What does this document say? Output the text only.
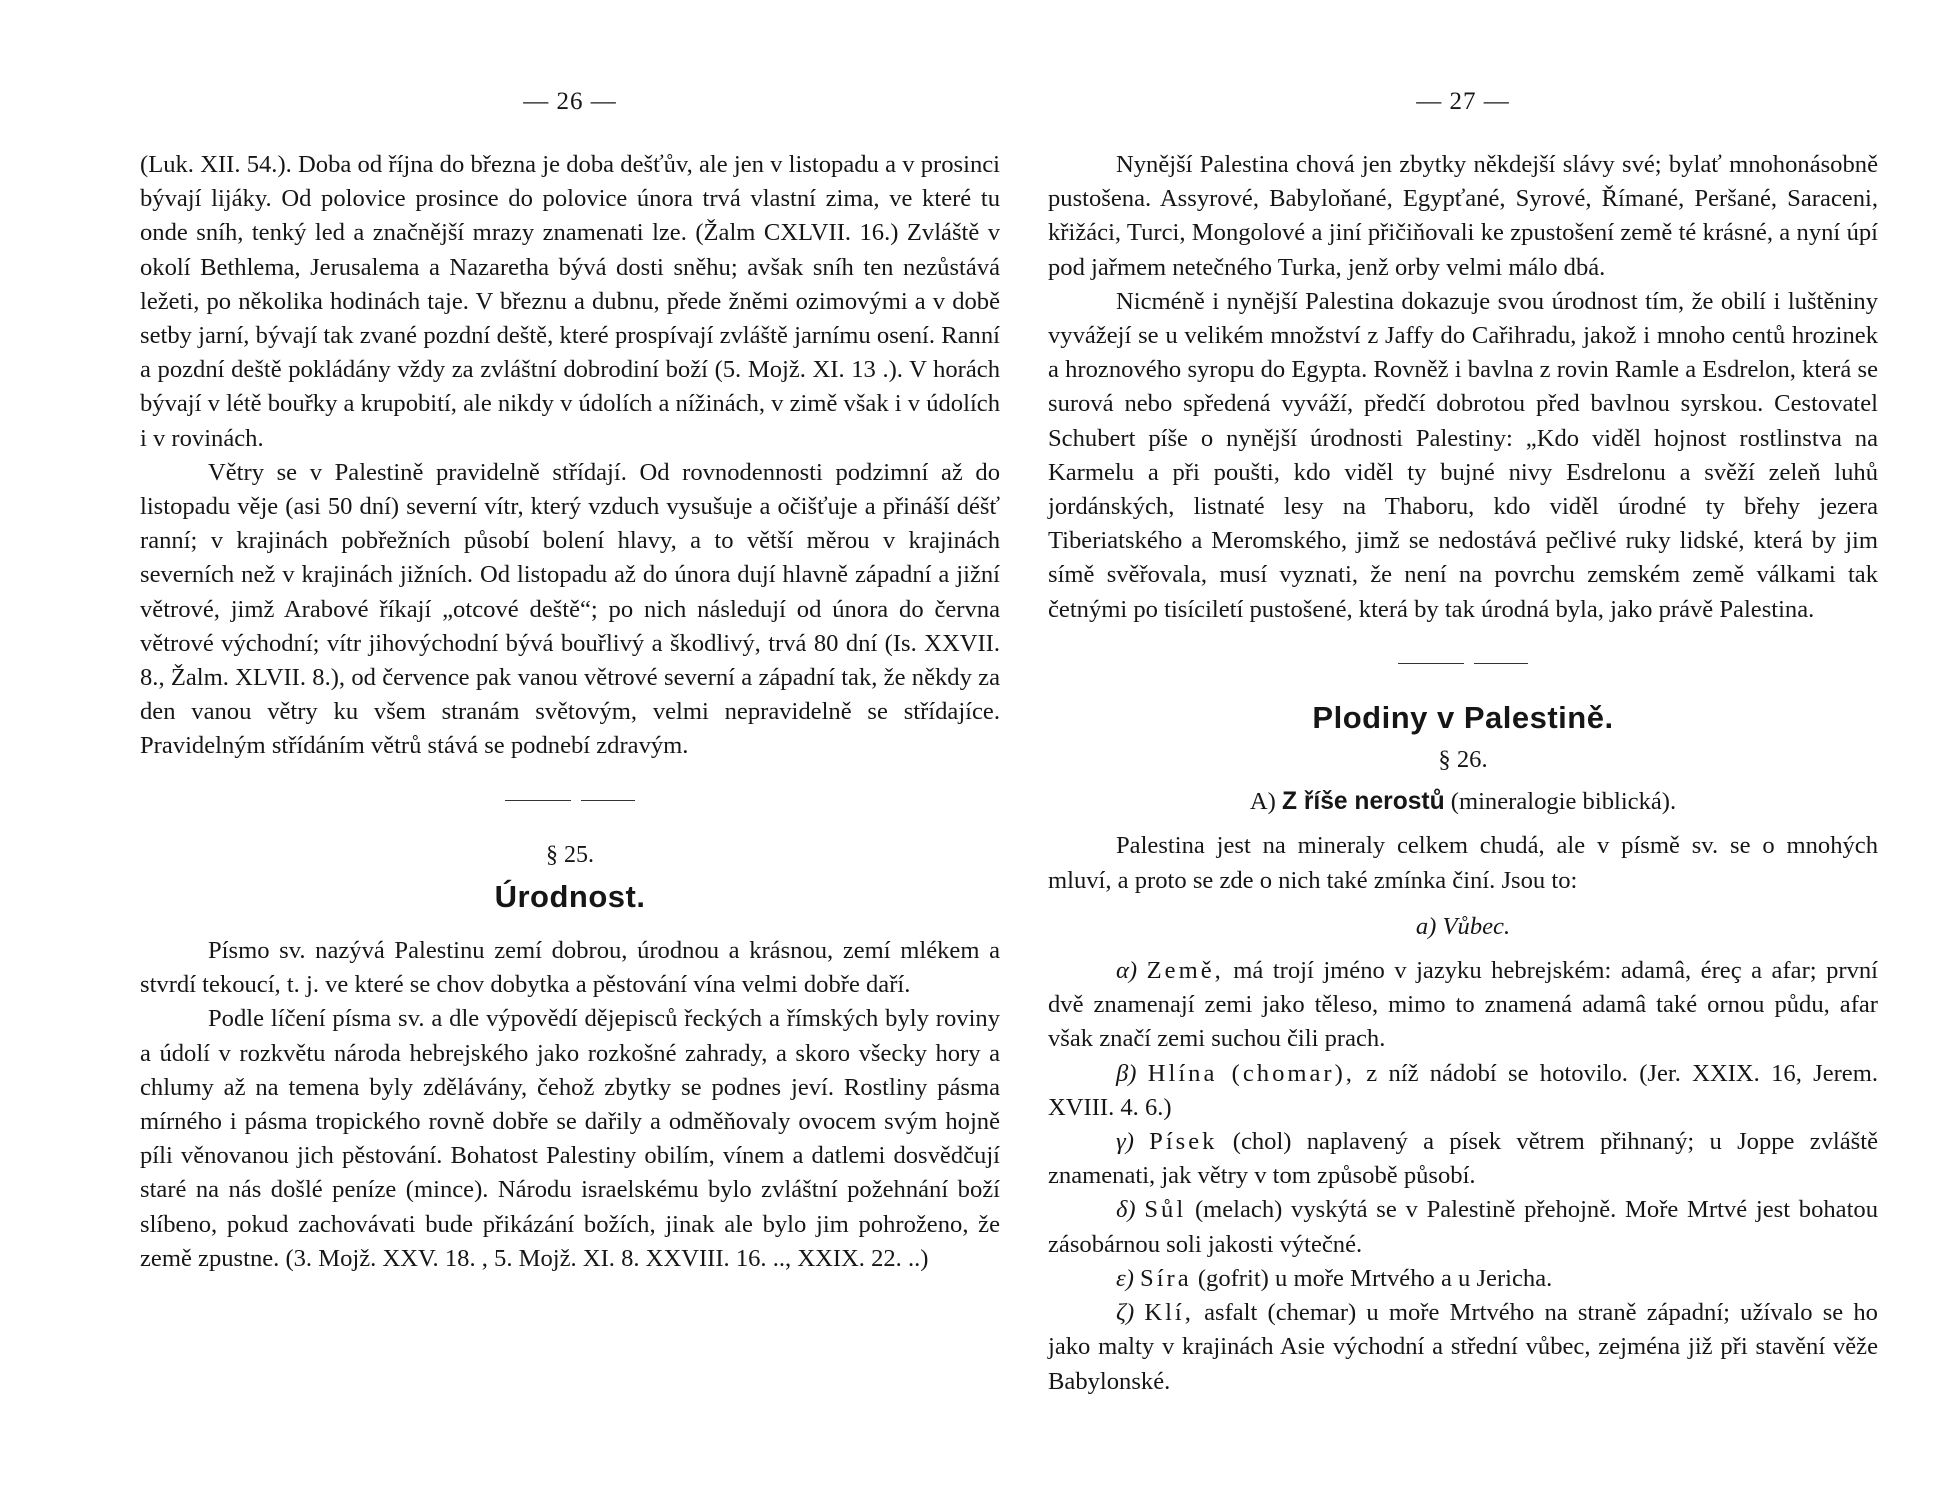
— 26 —

(Luk. XII. 54.). Doba od října do března je doba dešťův, ale jen v listopadu a v prosinci bývají lijáky. Od polovice prosince do polovice února trvá vlastní zima, ve které tu onde sníh, tenký led a značnější mrazy znamenati lze. (Žalm CXLVII. 16.) Zvláště v okolí Bethlema, Jerusalema a Nazaretha bývá dosti sněhu; avšak sníh ten nezůstává ležeti, po několika hodinách taje. V březnu a dubnu, přede žněmi ozimovými a v době setby jarní, bývají tak zvané pozdní deště, které prospívají zvláště jarnímu osení. Ranní a pozdní deště pokládány vždy za zvláštní dobrodiní boží (5. Mojž. XI. 13 .). V horách bývají v létě bouřky a krupobití, ale nikdy v údolích a nížinách, v zimě však i v údolích i v rovinách.

Větry se v Palestině pravidelně střídají. Od rovnodennosti podzimní až do listopadu věje (asi 50 dní) severní vítr, který vzduch vysušuje a očišťuje a přináší déšť ranní; v krajinách pobřežních působí bolení hlavy, a to větší měrou v krajinách severních než v krajinách jižních. Od listopadu až do února dují hlavně západní a jižní větrové, jimž Arabové říkají „otcové deště“; po nich následují od února do června větrové východní; vítr jihovýchodní bývá bouřlivý a škodlivý, trvá 80 dní (Is. XXVII. 8., Žalm. XLVII. 8.), od července pak vanou větrové severní a západní tak, že někdy za den vanou větry ku všem stranám světovým, velmi nepravidelně se střídajíce. Pravidelným střídáním větrů stává se podnebí zdravým.

§ 25.
Úrodnost.

Písmo sv. nazývá Palestinu zemí dobrou, úrodnou a krásnou, zemí mlékem a stvrdí tekoucí, t. j. ve které se chov dobytka a pěstování vína velmi dobře daří.

Podle líčení písma sv. a dle výpovědí dějepisců řeckých a římských byly roviny a údolí v rozkvětu národa hebrejského jako rozkošné zahrady, a skoro všecky hory a chlumy až na temena byly zdělávány, čehož zbytky se podnes jeví. Rostliny pásma mírného i pásma tropického rovně dobře se dařily a odměňovaly ovocem svým hojně píli věnovanou jich pěstování. Bohatost Palestiny obilím, vínem a datlemi dosvědčují staré na nás došlé peníze (mince). Národu israelskému bylo zvláštní požehnání boží slíbeno, pokud zachovávati bude přikázání božích, jinak ale bylo jim pohroženo, že země zpustne. (3. Mojž. XXV. 18. , 5. Mojž. XI. 8. XXVIII. 16. .., XXIX. 22. ..)

— 27 —

Nynější Palestina chová jen zbytky někdejší slávy své; bylať mnohonásobně pustošena. Assyrové, Babyloňané, Egypťané, Syrové, Římané, Peršané, Saraceni, křižáci, Turci, Mongolové a jiní přičiňovali ke zpustošení země té krásné, a nyní úpí pod jařmem netečného Turka, jenž orby velmi málo dbá.

Nicméně i nynější Palestina dokazuje svou úrodnost tím, že obilí i luštěniny vyvážejí se u velikém množství z Jaffy do Cařihradu, jakož i mnoho centů hrozinek a hroznového syropu do Egypta. Rovněž i bavlna z rovin Ramle a Esdrelon, která se surová nebo spředená vyváží, předčí dobrotou před bavlnou syrskou. Cestovatel Schubert píše o nynější úrodnosti Palestiny: „Kdo viděl hojnost rostlinstva na Karmelu a při poušti, kdo viděl ty bujné nivy Esdrelonu a svěží zeleň luhů jordánských, listnaté lesy na Thaboru, kdo viděl úrodné ty břehy jezera Tiberiatského a Meromského, jimž se nedostává pečlivé ruky lidské, která by jim símě svěřovala, musí vyznati, že není na povrchu zemském země válkami tak četnými po tisíciletí pustošené, která by tak úrodná byla, jako právě Palestina.

Plodiny v Palestině.
§ 26.
A) Z říše nerostů (mineralogie biblická).

Palestina jest na mineraly celkem chudá, ale v písmě sv. se o mnohých mluví, a proto se zde o nich také zmínka činí. Jsou to:

a) Vůbec.

α) Země, má trojí jméno v jazyku hebrejském: adamâ, éreç a afar; první dvě znamenají zemi jako těleso, mimo to znamená adamâ také ornou půdu, afar však značí zemi suchou čili prach.

β) Hlína (chomar), z níž nádobí se hotovilo. (Jer. XXIX. 16, Jerem. XVIII. 4. 6.)

γ) Písek (chol) naplavený a písek větrem přihnaný; u Joppe zvláště znamenati, jak větry v tom způsobě působí.

δ) Sůl (melach) vyskýtá se v Palestině přehojně. Moře Mrtvé jest bohatou zásobárnou soli jakosti výtečné.

ε) Síra (gofrit) u moře Mrtvého a u Jericha.

ζ) Klí, asfalt (chemar) u moře Mrtvého na straně západní; užívalo se ho jako malty v krajinách Asie východní a střední vůbec, zejména již při stavění věže Babylonské.
